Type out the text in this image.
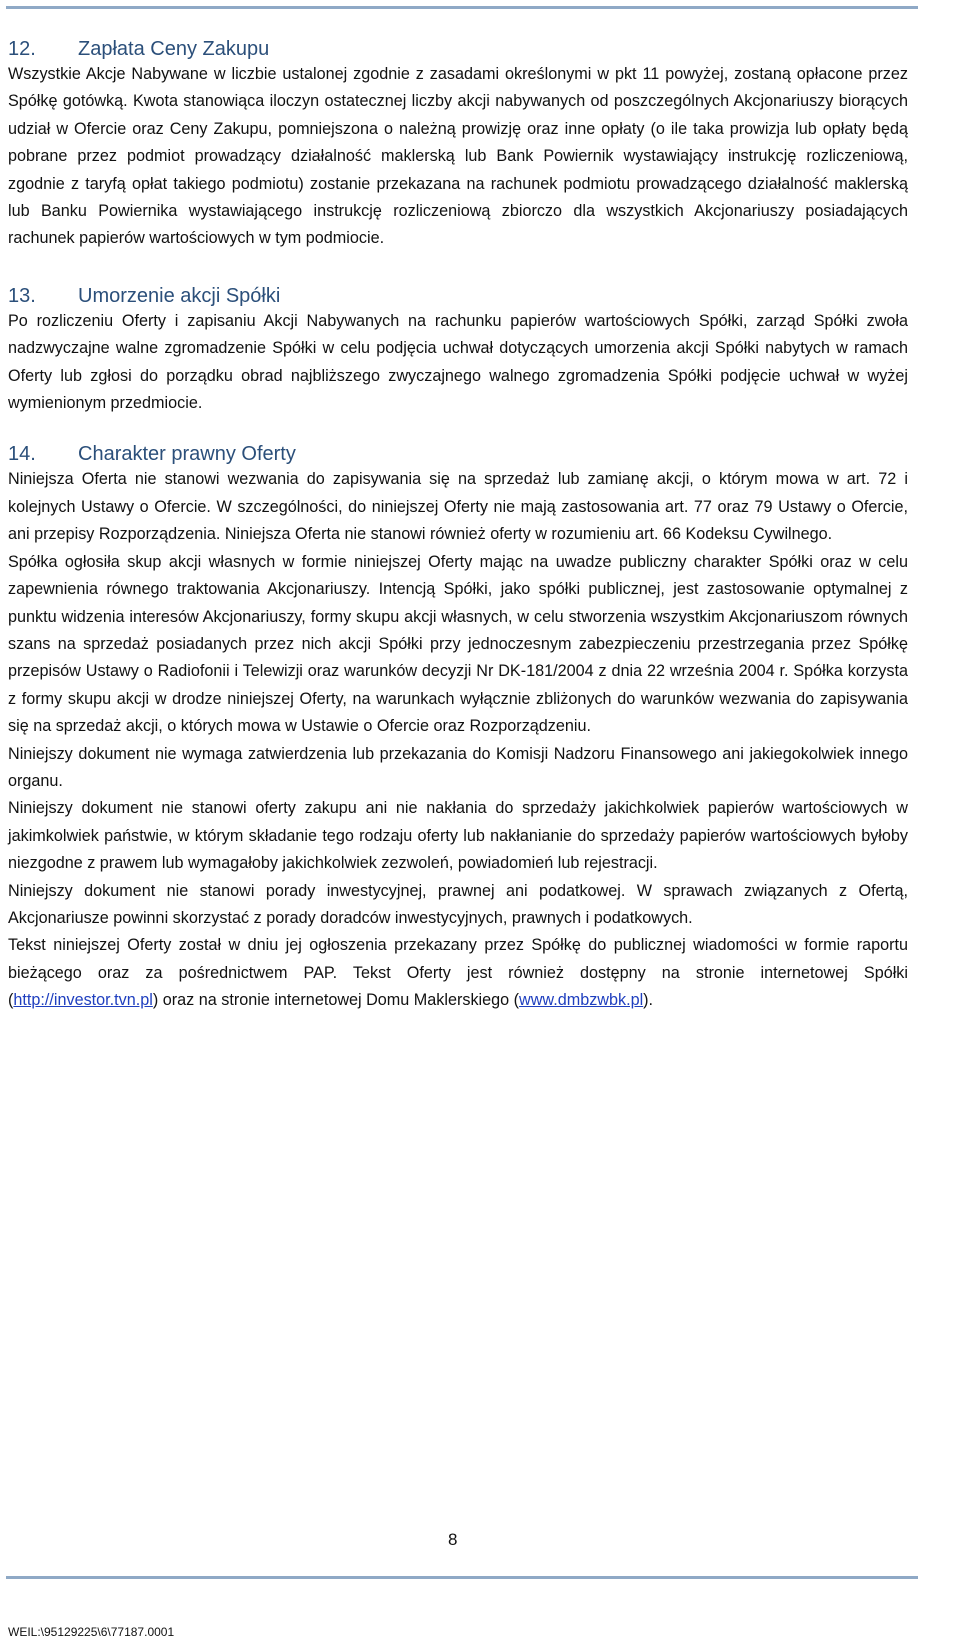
12.	Zapłata Ceny Zakupu

Wszystkie Akcje Nabywane w liczbie ustalonej zgodnie z zasadami określonymi w pkt 11 powyżej, zostaną opłacone przez Spółkę gotówką. Kwota stanowiąca iloczyn ostatecznej liczby akcji nabywanych od poszczególnych Akcjonariuszy biorących udział w Ofercie oraz Ceny Zakupu, pomniejszona o należną prowizję oraz inne opłaty (o ile taka prowizja lub opłaty będą pobrane przez podmiot prowadzący działalność maklerską lub Bank Powiernik wystawiający instrukcję rozliczeniową, zgodnie z taryfą opłat takiego podmiotu) zostanie przekazana na rachunek podmiotu prowadzącego działalność maklerską lub Banku Powiernika wystawiającego instrukcję rozliczeniową zbiorczo dla wszystkich Akcjonariuszy posiadających rachunek papierów wartościowych w tym podmiocie.

13.	Umorzenie akcji Spółki

Po rozliczeniu Oferty i zapisaniu Akcji Nabywanych na rachunku papierów wartościowych Spółki, zarząd Spółki zwoła nadzwyczajne walne zgromadzenie Spółki w celu podjęcia uchwał dotyczących umorzenia akcji Spółki nabytych w ramach Oferty lub zgłosi do porządku obrad najbliższego zwyczajnego walnego zgromadzenia Spółki podjęcie uchwał w wyżej wymienionym przedmiocie.

14.	Charakter prawny Oferty

Niniejsza Oferta nie stanowi wezwania do zapisywania się na sprzedaż lub zamianę akcji, o którym mowa w art. 72 i kolejnych Ustawy o Ofercie. W szczególności, do niniejszej Oferty nie mają zastosowania art. 77 oraz 79 Ustawy o Ofercie, ani przepisy Rozporządzenia. Niniejsza Oferta nie stanowi również oferty w rozumieniu art. 66 Kodeksu Cywilnego.

Spółka ogłosiła skup akcji własnych w formie niniejszej Oferty mając na uwadze publiczny charakter Spółki oraz w celu zapewnienia równego traktowania Akcjonariuszy. Intencją Spółki, jako spółki publicznej, jest zastosowanie optymalnej z punktu widzenia interesów Akcjonariuszy, formy skupu akcji własnych, w celu stworzenia wszystkim Akcjonariuszom równych szans na sprzedaż posiadanych przez nich akcji Spółki przy jednoczesnym zabezpieczeniu przestrzegania przez Spółkę przepisów Ustawy o Radiofonii i Telewizji oraz warunków decyzji Nr DK-181/2004 z dnia 22 września 2004 r. Spółka korzysta z formy skupu akcji w drodze niniejszej Oferty, na warunkach wyłącznie zbliżonych do warunków wezwania do zapisywania się na sprzedaż akcji, o których mowa w Ustawie o Ofercie oraz Rozporządzeniu.

Niniejszy dokument nie wymaga zatwierdzenia lub przekazania do Komisji Nadzoru Finansowego ani jakiegokolwiek innego organu.

Niniejszy dokument nie stanowi oferty zakupu ani nie nakłania do sprzedaży jakichkolwiek papierów wartościowych w jakimkolwiek państwie, w którym składanie tego rodzaju oferty lub nakłanianie do sprzedaży papierów wartościowych byłoby niezgodne z prawem lub wymagałoby jakichkolwiek zezwoleń, powiadomień lub rejestracji.

Niniejszy dokument nie stanowi porady inwestycyjnej, prawnej ani podatkowej. W sprawach związanych z Ofertą, Akcjonariusze powinni skorzystać z porady doradców inwestycyjnych, prawnych i podatkowych.

Tekst niniejszej Oferty został w dniu jej ogłoszenia przekazany przez Spółkę do publicznej wiadomości w formie raportu bieżącego oraz za pośrednictwem PAP. Tekst Oferty jest również dostępny na stronie internetowej Spółki (http://investor.tvn.pl) oraz na stronie internetowej Domu Maklerskiego (www.dmbzwbk.pl).

8
WEIL:\95129225\6\77187.0001
